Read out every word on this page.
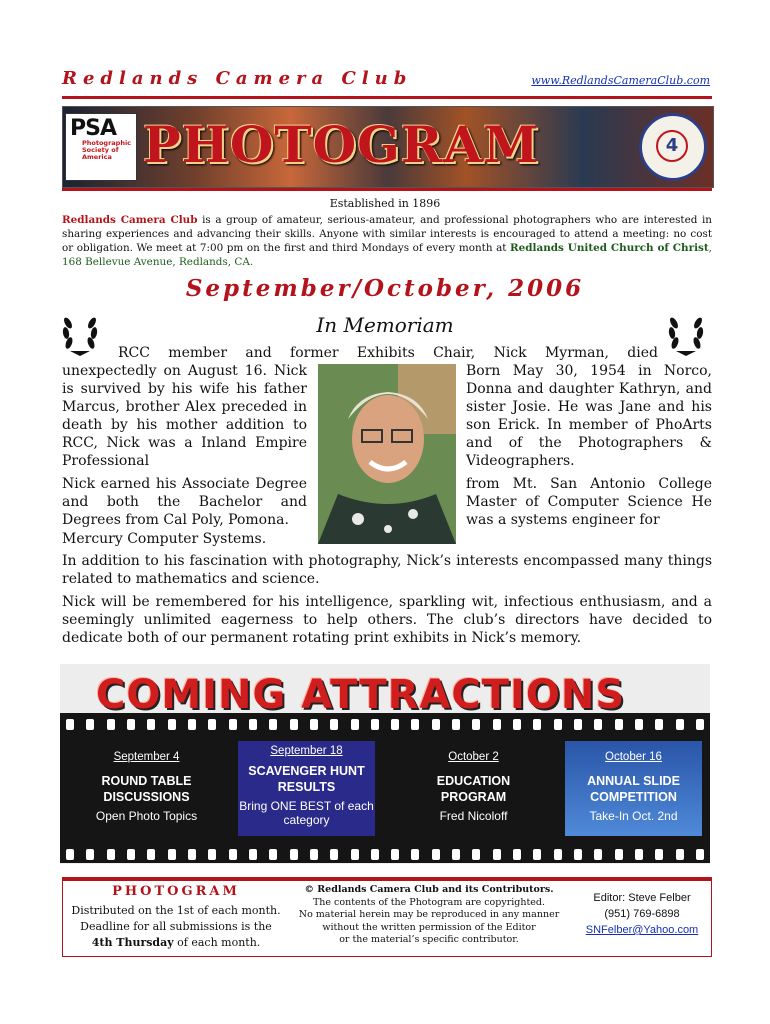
Redlands Camera Club	www.RedlandsCameraClub.com
PSA
Photographic Society of America PHOTOGRAM	4
Established in 1896
Redlands Camera Club is a group of amateur, serious-amateur, and professional photographers who are interested in sharing experiences and advancing their skills. Anyone with similar interests is encouraged to attend a meeting: no cost or obligation. We meet at 7:00 pm on the first and third Mondays of every month at Redlands United Church of Christ, 168 Bellevue Avenue, Redlands, CA.
September/October, 2006
In Memoriam
RCC member and former Exhibits Chair, Nick Myrman, died
unexpectedly on August 16. Nick is survived by his wife his father Marcus, brother Alex preceded in death by his mother addition to RCC, Nick was a Inland Empire Professional
Born May 30, 1954 in Norco, Donna and daughter Kathryn, and sister Josie. He was Jane and his son Erick. In member of PhoArts and of the Photographers & Videographers.
Nick earned his Associate Degree and both the Bachelor and Degrees from Cal Poly, Pomona.
from Mt. San Antonio College Master of Computer Science He was a systems engineer for
Mercury Computer Systems.
In addition to his fascination with photography, Nick’s interests encompassed many things related to mathematics and science.
Nick will be remembered for his intelligence, sparkling wit, infectious enthusiasm, and a seemingly unlimited eagerness to help others. The club’s directors have decided to dedicate both of our permanent rotating print exhibits in Nick’s memory.
September 4
ROUND TABLE DISCUSSIONS
Open Photo Topics
September 18
SCAVENGER HUNT RESULTS
Bring ONE BEST of each category
October 2
EDUCATION PROGRAM
Fred Nicoloff
October 16
ANNUAL SLIDE COMPETITION
Take-In Oct. 2nd
COMING ATTRACTIONS
PHOTOGRAM
Distributed on the 1st of each month.
Deadline for all submissions is the
4th Thursday of each month.
© Redlands Camera Club and its Contributors.
The contents of the Photogram are copyrighted.
No material herein may be reproduced in any manner
without the written permission of the Editor
or the material’s specific contributor.
Editor: Steve Felber
(951) 769-6898
SNFelber@Yahoo.com
